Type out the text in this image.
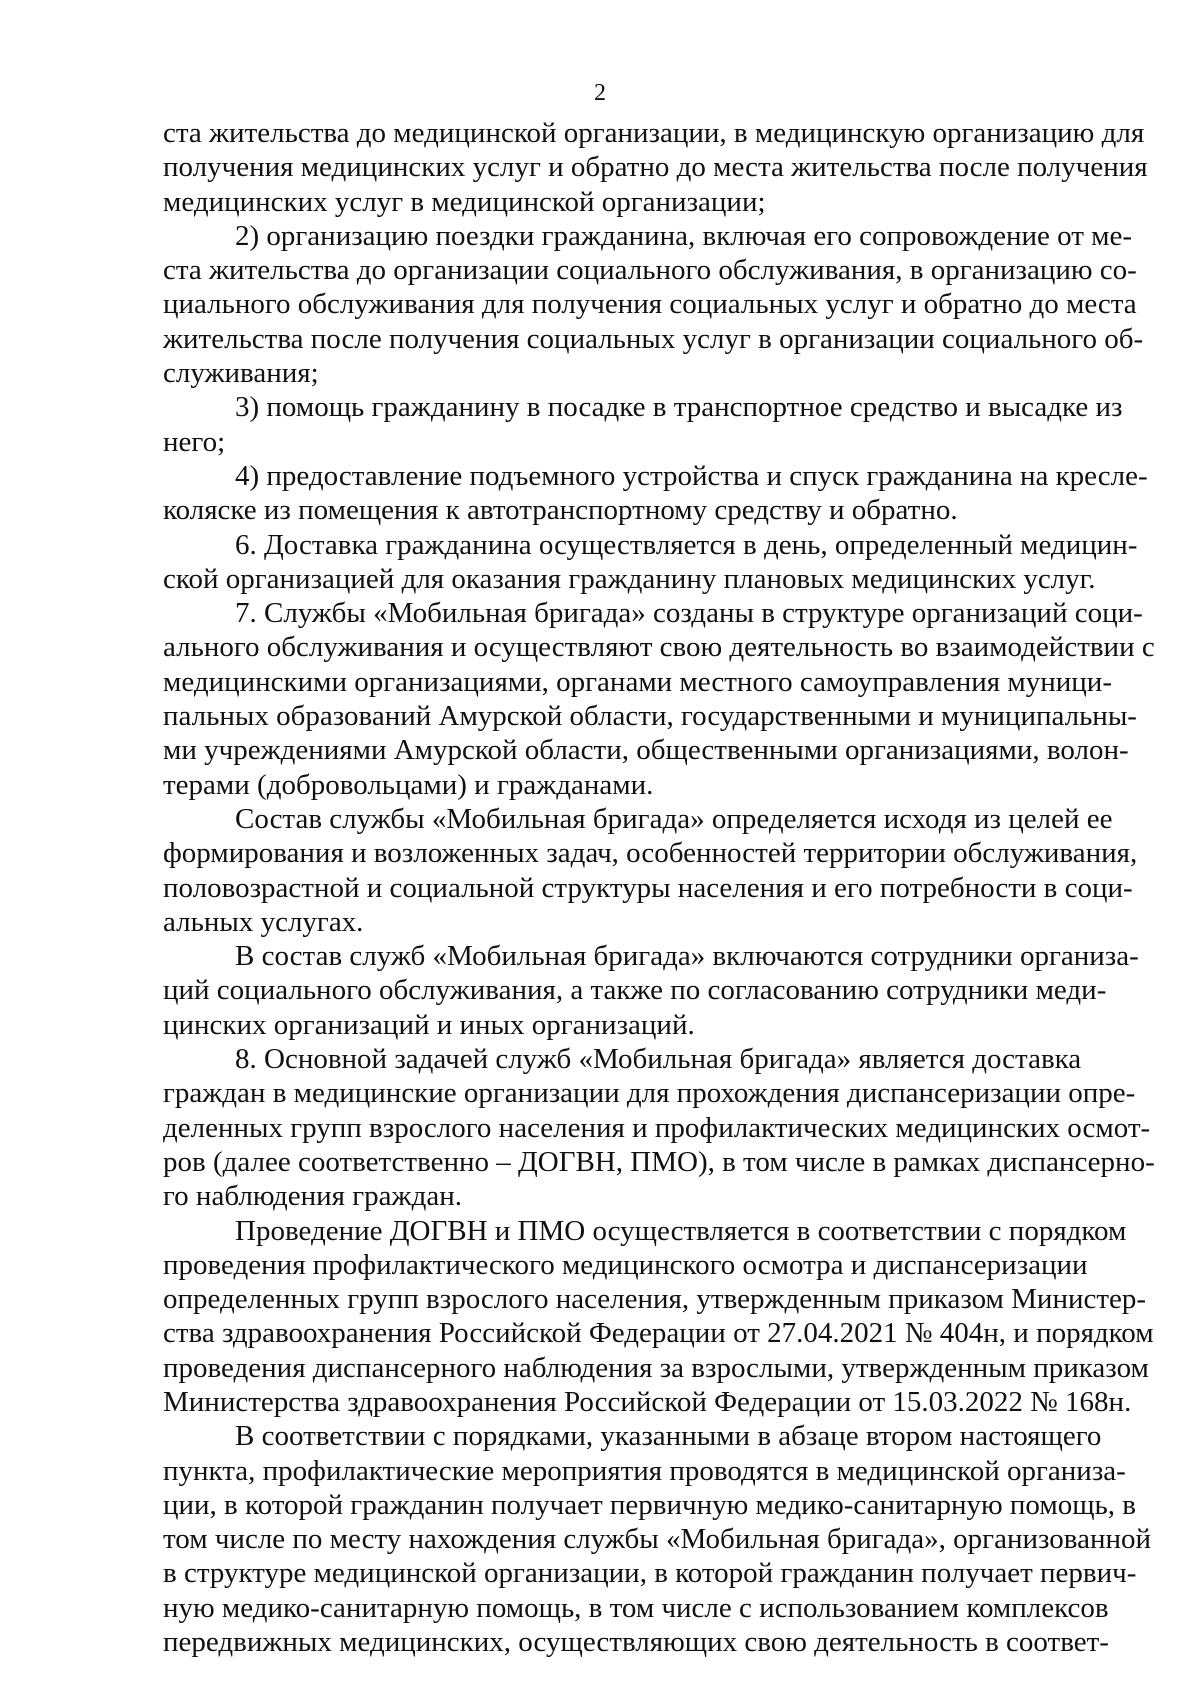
2
ста жительства до медицинской организации, в медицинскую организацию для
получения медицинских услуг и обратно до места жительства после получения
медицинских услуг в медицинской организации;
2) организацию поездки гражданина, включая его сопровождение от ме-
ста жительства до организации социального обслуживания, в организацию со-
циального обслуживания для получения социальных услуг и обратно до места
жительства после получения социальных услуг в организации социального об-
служивания;
3) помощь гражданину в посадке в транспортное средство и высадке из
него;
4) предоставление подъемного устройства и спуск гражданина на кресле-
коляске из помещения к автотранспортному средству и обратно.
6. Доставка гражданина осуществляется в день, определенный медицин-
ской организацией для оказания гражданину плановых медицинских услуг.
7. Службы «Мобильная бригада» созданы в структуре организаций соци-
ального обслуживания и осуществляют свою деятельность во взаимодействии с
медицинскими организациями, органами местного самоуправления муници-
пальных образований Амурской области, государственными и муниципальны-
ми учреждениями Амурской области, общественными организациями, волон-
терами (добровольцами) и гражданами.
Состав службы «Мобильная бригада» определяется исходя из целей ее
формирования и возложенных задач, особенностей территории обслуживания,
половозрастной и социальной структуры населения и его потребности в соци-
альных услугах.
В состав служб «Мобильная бригада» включаются сотрудники организа-
ций социального обслуживания, а также по согласованию сотрудники меди-
цинских организаций и иных организаций.
8. Основной задачей служб «Мобильная бригада» является доставка
граждан в медицинские организации для прохождения диспансеризации опре-
деленных групп взрослого населения и профилактических медицинских осмот-
ров (далее соответственно – ДОГВН, ПМО), в том числе в рамках диспансерно-
го наблюдения граждан.
Проведение ДОГВН и ПМО осуществляется в соответствии с порядком
проведения профилактического медицинского осмотра и диспансеризации
определенных групп взрослого населения, утвержденным приказом Министер-
ства здравоохранения Российской Федерации от 27.04.2021 № 404н, и порядком
проведения диспансерного наблюдения за взрослыми, утвержденным приказом
Министерства здравоохранения Российской Федерации от 15.03.2022 № 168н.
В соответствии с порядками, указанными в абзаце втором настоящего
пункта, профилактические мероприятия проводятся в медицинской организа-
ции, в которой гражданин получает первичную медико-санитарную помощь, в
том числе по месту нахождения службы «Мобильная бригада», организованной
в структуре медицинской организации, в которой гражданин получает первич-
ную медико-санитарную помощь, в том числе с использованием комплексов
передвижных медицинских, осуществляющих свою деятельность в соответ-
